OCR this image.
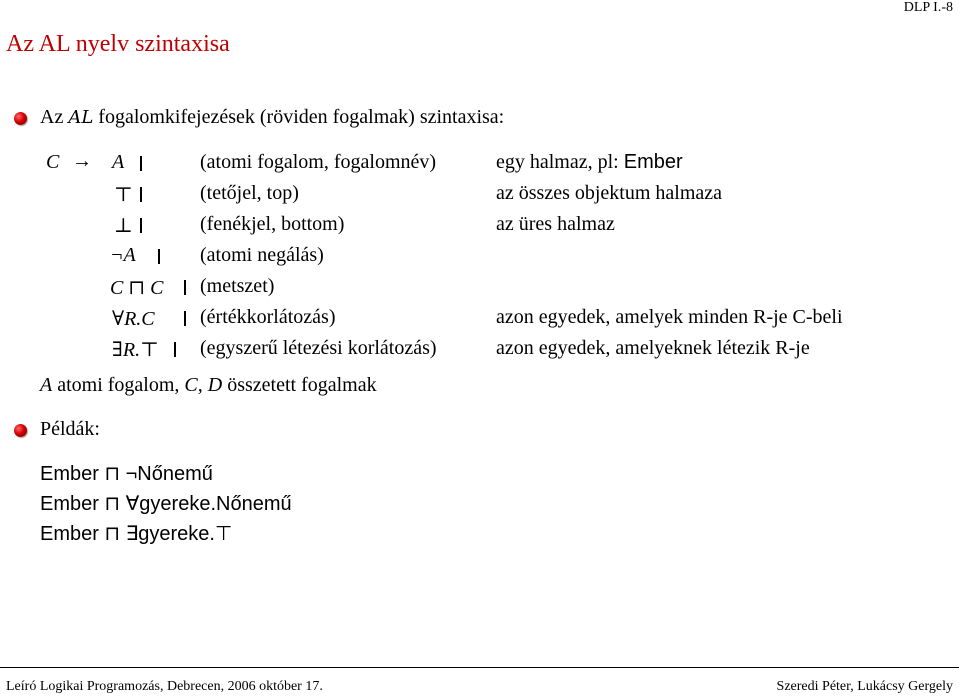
DLP I.-8
Az AL nyelv szintaxisa
Az AL fogalomkifejezések (röviden fogalmak) szintaxisa:
C → A	(atomi fogalom, fogalomnév)	egy halmaz, pl: Ember
⊤	(tetőjel, top)	az összes objektum halmaza
⊥	(fenékjel, bottom)	az üres halmaz
¬A	(atomi negálás)
C ⊓ C (metszet)
∀R.C (értékkorlátozás)	azon egyedek, amelyek minden R-je C-beli
∃R.⊤ (egyszerű létezési korlátozás)	azon egyedek, amelyeknek létezik R-je
A atomi fogalom, C, D összetett fogalmak
Példák:
Ember ⊓ ¬Nőnemű
Ember ⊓ ∀gyereke.Nőnemű
Ember ⊓ ∃gyereke.⊤
Leíró Logikai Programozás, Debrecen, 2006 október 17.	Szeredi Péter, Lukácsy Gergely
